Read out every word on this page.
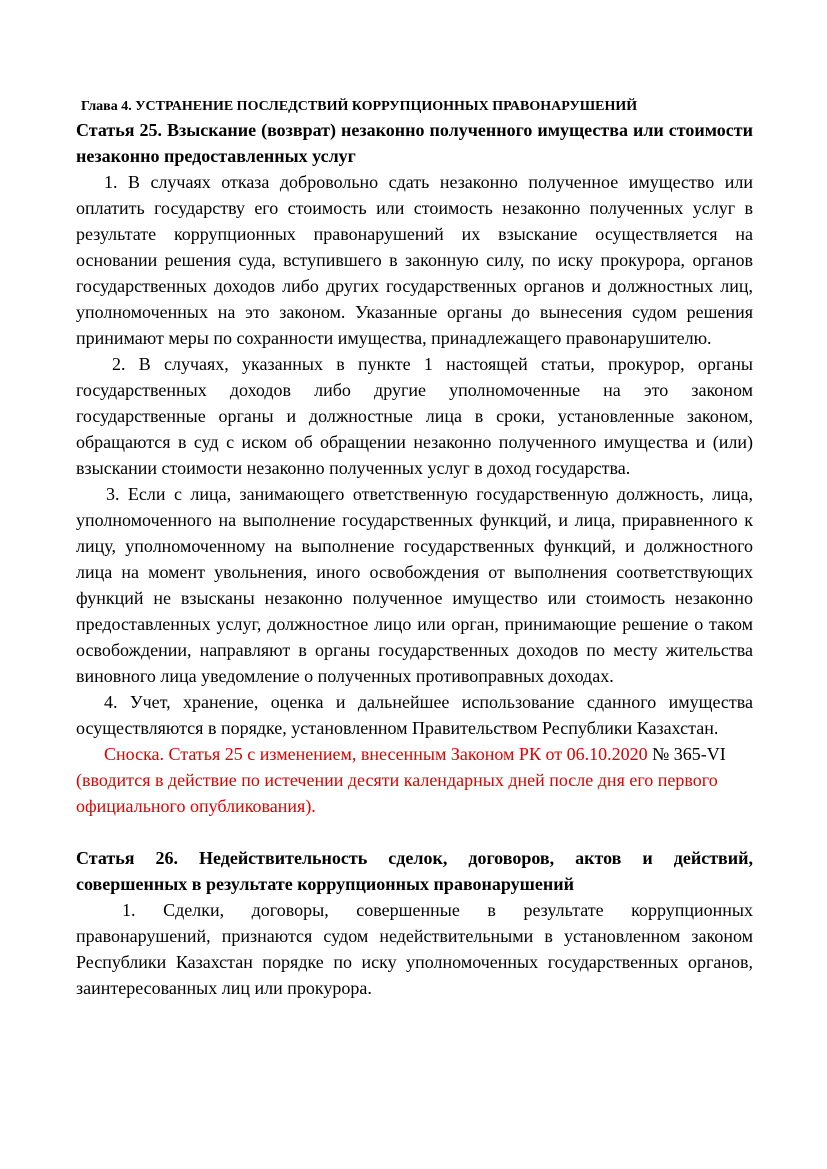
Глава 4. УСТРАНЕНИЕ ПОСЛЕДСТВИЙ КОРРУПЦИОННЫХ ПРАВОНАРУШЕНИЙ

Статья 25. Взыскание (возврат) незаконно полученного имущества или стоимости незаконно предоставленных услуг

1. В случаях отказа добровольно сдать незаконно полученное имущество или оплатить государству его стоимость или стоимость незаконно полученных услуг в результате коррупционных правонарушений их взыскание осуществляется на основании решения суда, вступившего в законную силу, по иску прокурора, органов государственных доходов либо других государственных органов и должностных лиц, уполномоченных на это законом. Указанные органы до вынесения судом решения принимают меры по сохранности имущества, принадлежащего правонарушителю.

2. В случаях, указанных в пункте 1 настоящей статьи, прокурор, органы государственных доходов либо другие уполномоченные на это законом государственные органы и должностные лица в сроки, установленные законом, обращаются в суд с иском об обращении незаконно полученного имущества и (или) взыскании стоимости незаконно полученных услуг в доход государства.

3. Если с лица, занимающего ответственную государственную должность, лица, уполномоченного на выполнение государственных функций, и лица, приравненного к лицу, уполномоченному на выполнение государственных функций, и должностного лица на момент увольнения, иного освобождения от выполнения соответствующих функций не взысканы незаконно полученное имущество или стоимость незаконно предоставленных услуг, должностное лицо или орган, принимающие решение о таком освобождении, направляют в органы государственных доходов по месту жительства виновного лица уведомление о полученных противоправных доходах.

4. Учет, хранение, оценка и дальнейшее использование сданного имущества осуществляются в порядке, установленном Правительством Республики Казахстан.

Сноска. Статья 25 с изменением, внесенным Законом РК от 06.10.2020 № 365-VI (вводится в действие по истечении десяти календарных дней после дня его первого официального опубликования).

Статья 26. Недействительность сделок, договоров, актов и действий, совершенных в результате коррупционных правонарушений

1. Сделки, договоры, совершенные в результате коррупционных правонарушений, признаются судом недействительными в установленном законом Республики Казахстан порядке по иску уполномоченных государственных органов, заинтересованных лиц или прокурора.
